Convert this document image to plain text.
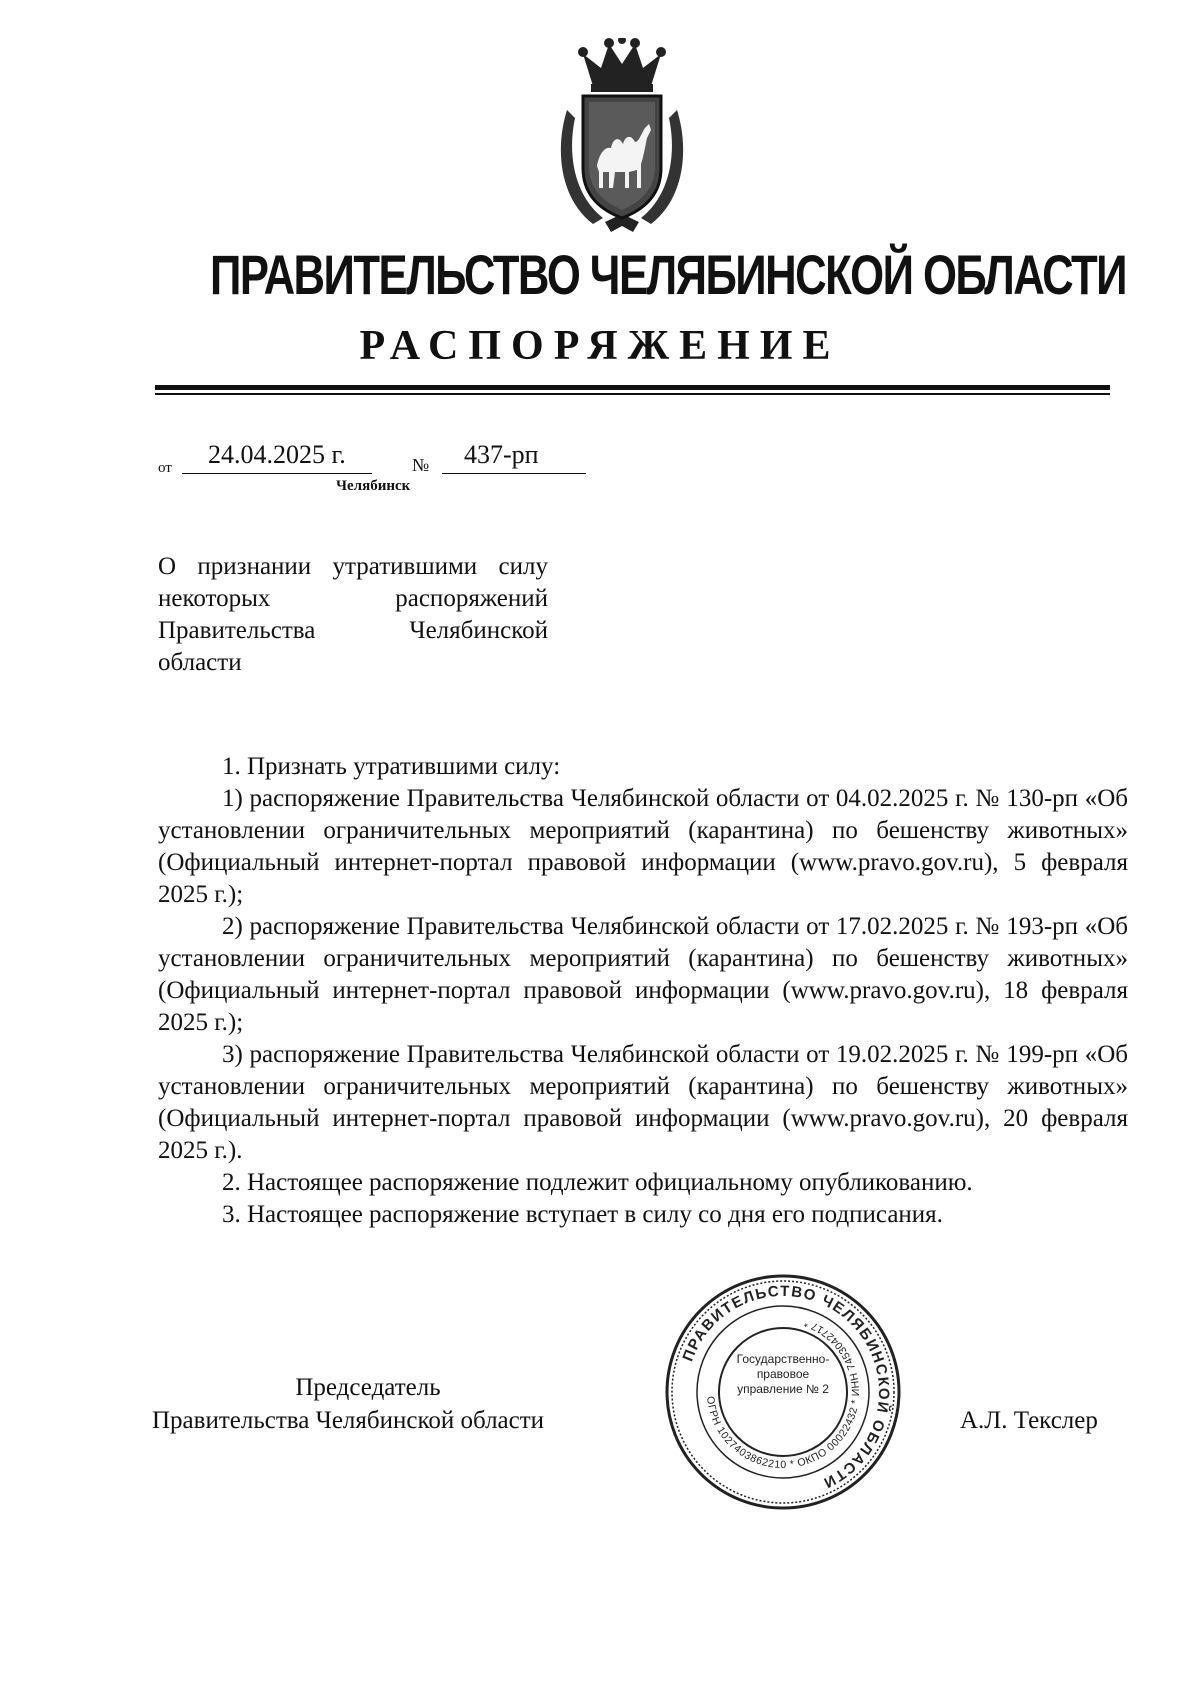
ПРАВИТЕЛЬСТВО ЧЕЛЯБИНСКОЙ ОБЛАСТИ
РАСПОРЯЖЕНИЕ
от 24.04.2025 г.	№ 437-рп
Челябинск
О признании утратившими силу некоторых распоряжений Правительства Челябинской области

1. Признать утратившими силу:

1) распоряжение Правительства Челябинской области от 04.02.2025 г. № 130-рп «Об установлении ограничительных мероприятий (карантина) по бешенству животных» (Официальный интернет-портал правовой информации (www.pravo.gov.ru), 5 февраля 2025 г.);

2) распоряжение Правительства Челябинской области от 17.02.2025 г. № 193-рп «Об установлении ограничительных мероприятий (карантина) по бешенству животных» (Официальный интернет-портал правовой информации (www.pravo.gov.ru), 18 февраля 2025 г.);

3) распоряжение Правительства Челябинской области от 19.02.2025 г. № 199-рп «Об установлении ограничительных мероприятий (карантина) по бешенству животных» (Официальный интернет-портал правовой информации (www.pravo.gov.ru), 20 февраля 2025 г.).

2. Настоящее распоряжение подлежит официальному опубликованию.

3. Настоящее распоряжение вступает в силу со дня его подписания.

Председатель
Правительства Челябинской области	А.Л. Текслер
ПРАВИТЕЛЬСТВО ЧЕЛЯБИНСКОЙ ОБЛАСТИ
ОГРН 1027403862210 * ОКПО 00022432 * ИНН 7453042717 *
Государственно-правовое управление № 2
